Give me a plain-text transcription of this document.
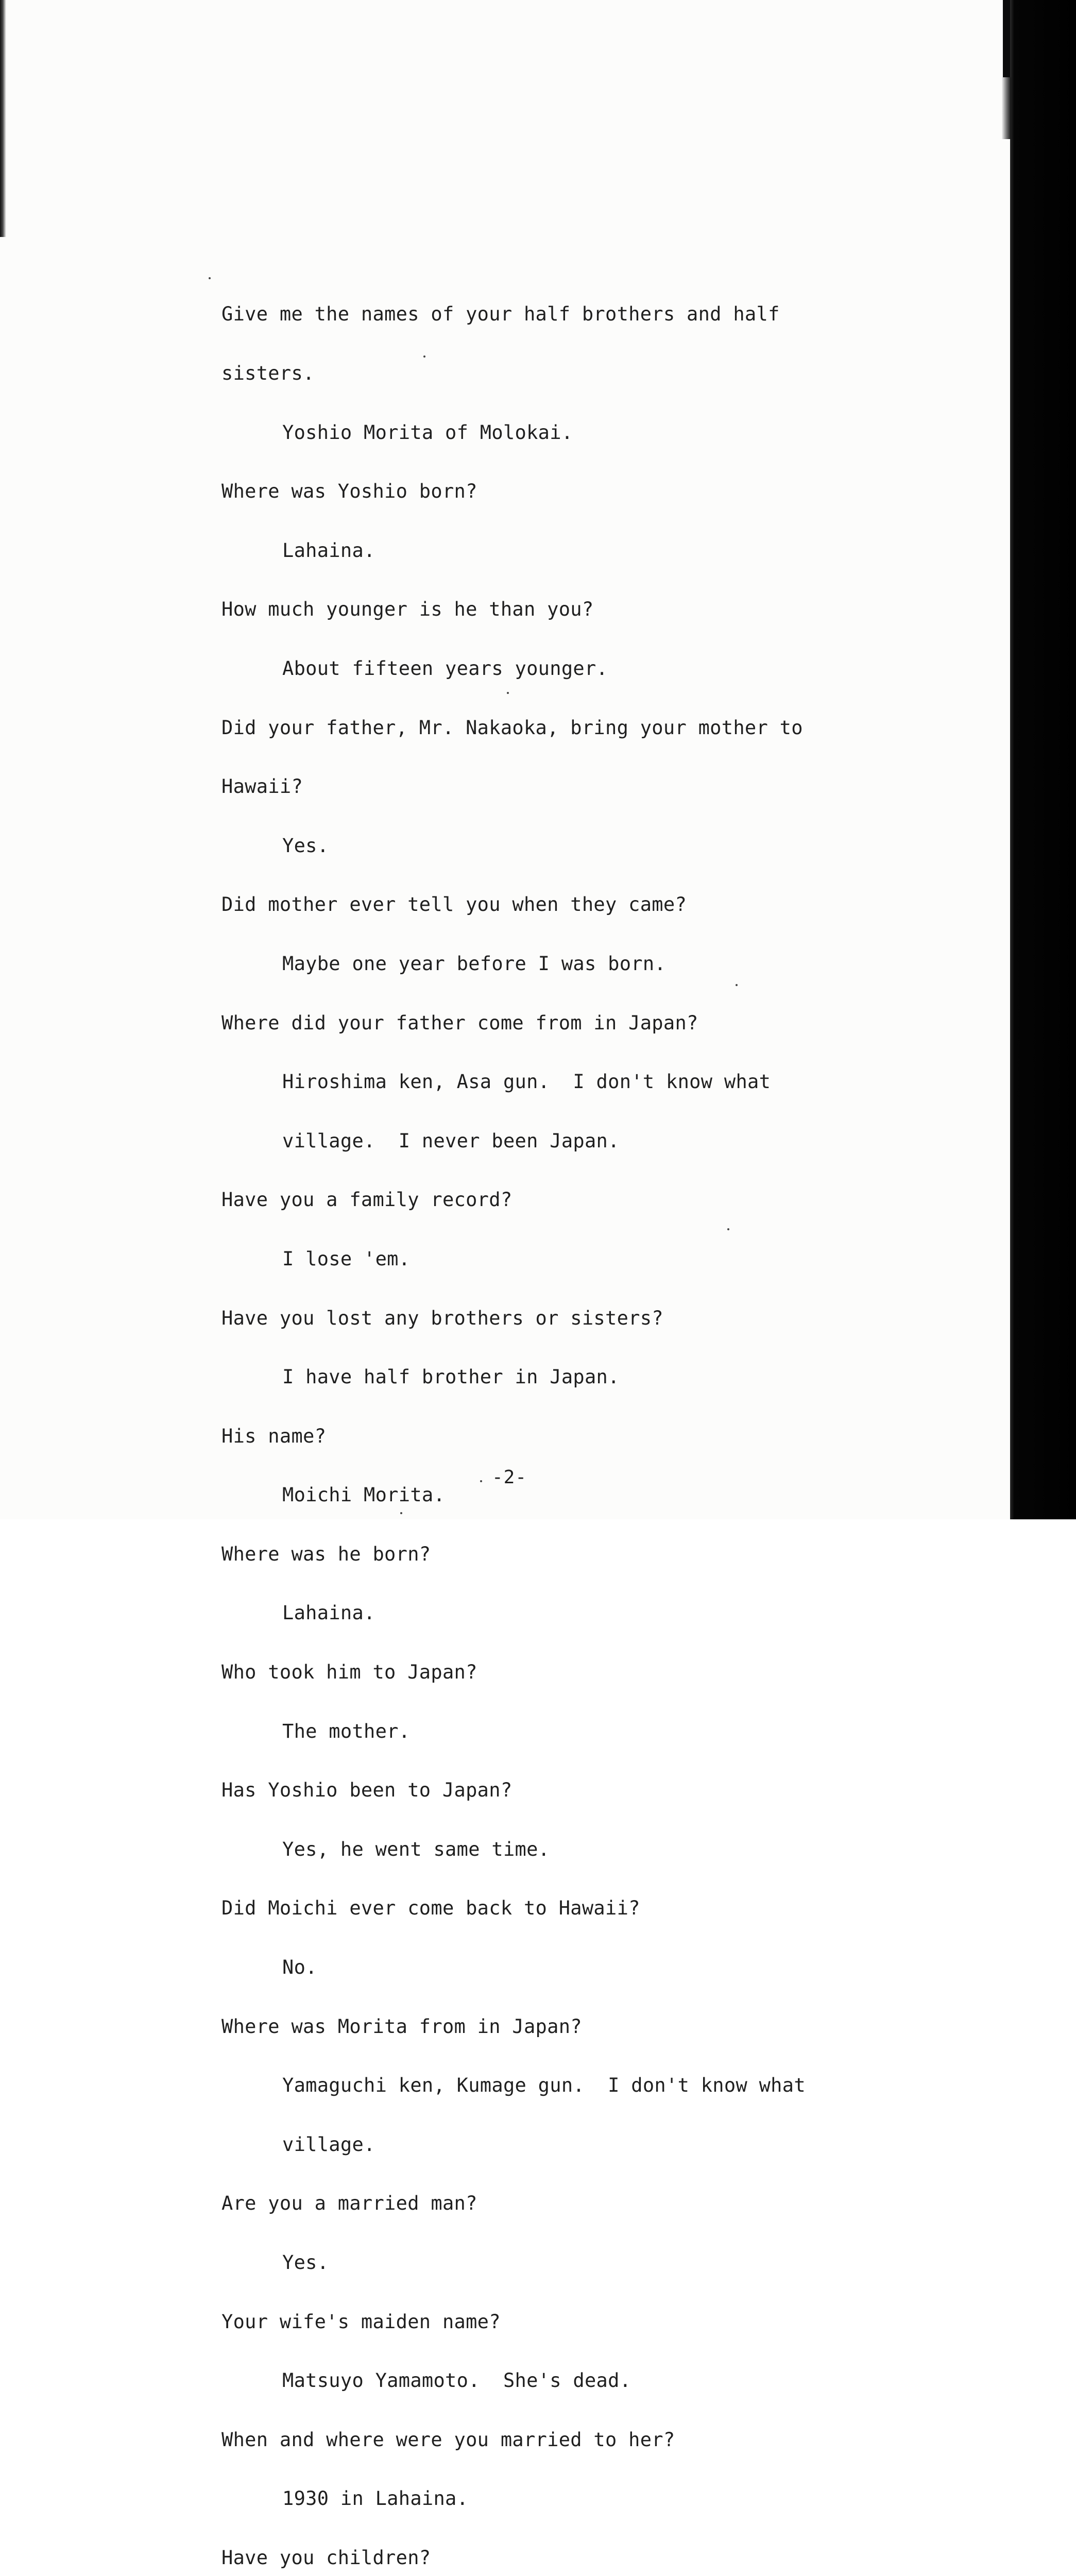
Give me the names of your half brothers and half

sisters.

Yoshio Morita of Molokai.

Where was Yoshio born?

Lahaina.

How much younger is he than you?

About fifteen years younger.

Did your father, Mr. Nakaoka, bring your mother to

Hawaii?

Yes.

Did mother ever tell you when they came?

Maybe one year before I was born.

Where did your father come from in Japan?

Hiroshima ken, Asa gun.  I don't know what

village.  I never been Japan.

Have you a family record?

I lose 'em.

Have you lost any brothers or sisters?

I have half brother in Japan.

His name?

Moichi Morita.

Where was he born?

Lahaina.

Who took him to Japan?

The mother.

Has Yoshio been to Japan?

Yes, he went same time.

Did Moichi ever come back to Hawaii?

No.

Where was Morita from in Japan?

Yamaguchi ken, Kumage gun.  I don't know what

village.

Are you a married man?

Yes.

Your wife's maiden name?

Matsuyo Yamamoto.  She's dead.

When and where were you married to her?

1930 in Lahaina.

Have you children?

-2-
